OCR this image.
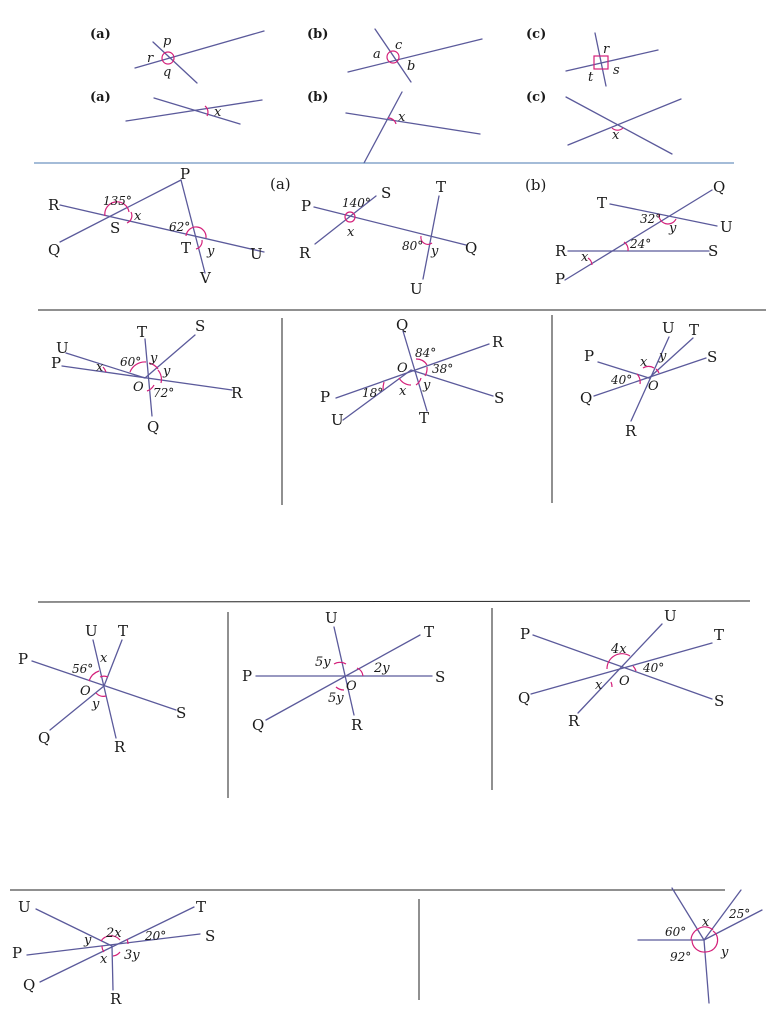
(a)	p
r
q
(b)
a
c
b
(c)
r
t s
(a)
x
(b)
x
(c)
x
P
R
S
Q	T	U
V
135°
62°
x
y
(a)
P
S
R
T
U
Q
140°
80°
x
y
(b)
T
Q
U
R	S
P
32°
24°
y
x
U
P
T	S
R
Q
O
60°
72°
x
y
y
Q
R
P
U	T
S
O
84°
38°
18° x y
P
U T
S
Q
R
O
40°
x y
U T
P
O
Q	R
S
56°
x
y
U
T
P	S
Q	R
O
5y	2y
5y
P
U
T
Q	S
R
O
4x
40°
x
U	T
P
S
Q
R
y 2x 20°
x 3y
60°
x
25°
92° y
